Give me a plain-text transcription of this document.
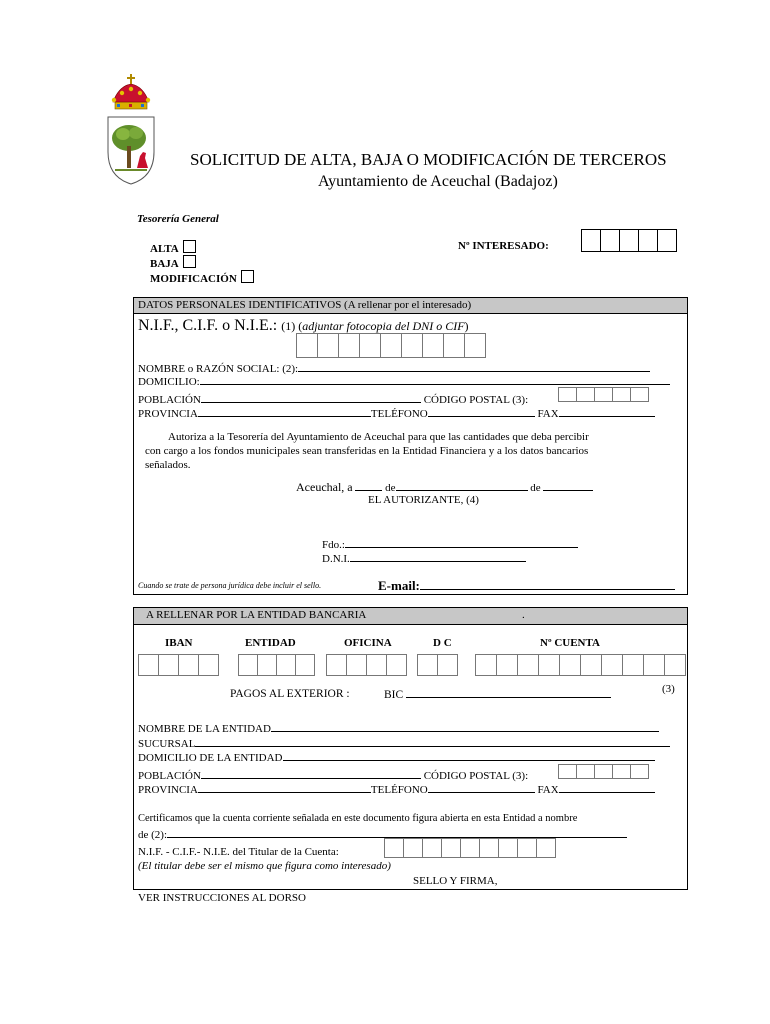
SOLICITUD DE ALTA, BAJA O MODIFICACIÓN DE TERCEROS
Ayuntamiento de Aceuchal (Badajoz)
Tesorería General
ALTA
BAJA
MODIFICACIÓN
Nº INTERESADO:
DATOS PERSONALES IDENTIFICATIVOS (A rellenar por el interesado)
N.I.F., C.I.F. o N.I.E.: (1) (adjuntar fotocopia del DNI o CIF)
NOMBRE o RAZÓN SOCIAL: (2):
DOMICILIO:
POBLACIÓN	CÓDIGO POSTAL (3):
PROVINCIA	TELÉFONO	FAX
Autoriza a la Tesorería del Ayuntamiento de Aceuchal para que las cantidades que deba percibir
con cargo a los fondos municipales sean transferidas en la Entidad Financiera y a los datos bancarios
señalados.
Aceuchal, a	de	de
EL AUTORIZANTE, (4)
Fdo.:
D.N.I.
Cuando se trate de persona jurídica debe incluir el sello.	E-mail:
A RELLENAR POR LA ENTIDAD BANCARIA	.
IBAN	ENTIDAD	OFICINA	D C	Nº CUENTA
PAGOS AL EXTERIOR :	BIC	(3)
NOMBRE DE LA ENTIDAD
SUCURSAL
DOMICILIO DE LA ENTIDAD
POBLACIÓN	CÓDIGO POSTAL (3):
PROVINCIA	TELÉFONO	FAX
Certificamos que la cuenta corriente señalada en este documento figura abierta en esta Entidad a nombre
de (2):
N.I.F. - C.I.F.- N.I.E. del Titular de la Cuenta:
(El titular debe ser el mismo que figura como interesado)
SELLO Y FIRMA,
VER INSTRUCCIONES AL DORSO
